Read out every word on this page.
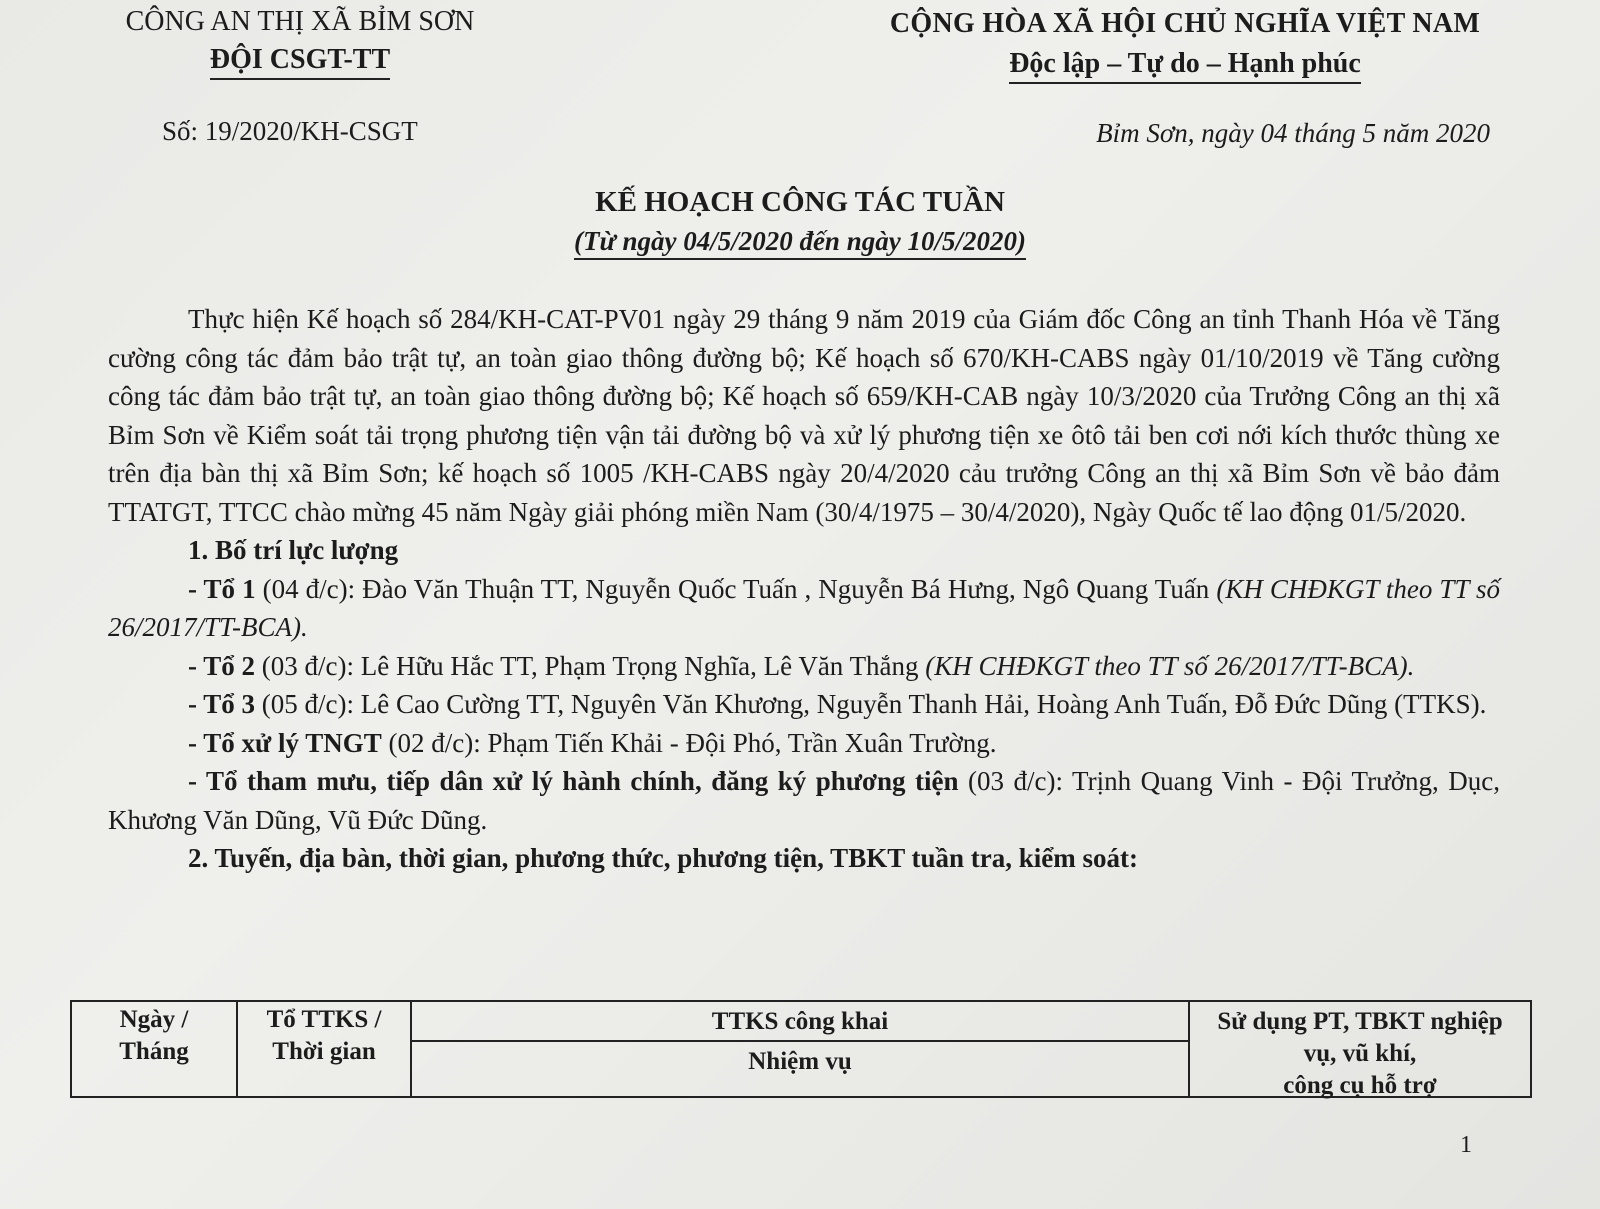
CÔNG AN THỊ XÃ BỈM SƠN
ĐỘI CSGT-TT
CỘNG HÒA XÃ HỘI CHỦ NGHĨA VIỆT NAM
Độc lập – Tự do – Hạnh phúc
Số: 19/2020/KH-CSGT	Bỉm Sơn, ngày 04 tháng 5 năm 2020
KẾ HOẠCH CÔNG TÁC TUẦN
(Từ ngày 04/5/2020 đến ngày 10/5/2020)

Thực hiện Kế hoạch số 284/KH-CAT-PV01 ngày 29 tháng 9 năm 2019 của Giám đốc Công an tỉnh Thanh Hóa về Tăng cường công tác đảm bảo trật tự, an toàn giao thông đường bộ; Kế hoạch số 670/KH-CABS ngày 01/10/2019 về Tăng cường công tác đảm bảo trật tự, an toàn giao thông đường bộ; Kế hoạch số 659/KH-CAB ngày 10/3/2020 của Trưởng Công an thị xã Bỉm Sơn về Kiểm soát tải trọng phương tiện vận tải đường bộ và xử lý phương tiện xe ôtô tải ben cơi nới kích thước thùng xe trên địa bàn thị xã Bỉm Sơn; kế hoạch số 1005 /KH-CABS ngày 20/4/2020 cảu trưởng Công an thị xã Bỉm Sơn về bảo đảm TTATGT, TTCC chào mừng 45 năm Ngày giải phóng miền Nam (30/4/1975 – 30/4/2020), Ngày Quốc tế lao động 01/5/2020.

1. Bố trí lực lượng

- Tổ 1 (04 đ/c): Đào Văn Thuận TT, Nguyễn Quốc Tuấn , Nguyễn Bá Hưng, Ngô Quang Tuấn (KH CHĐKGT theo TT số 26/2017/TT-BCA).

- Tổ 2 (03 đ/c): Lê Hữu Hắc TT, Phạm Trọng Nghĩa, Lê Văn Thắng (KH CHĐKGT theo TT số 26/2017/TT-BCA).

- Tổ 3 (05 đ/c): Lê Cao Cường TT, Nguyên Văn Khương, Nguyễn Thanh Hải, Hoàng Anh Tuấn, Đỗ Đức Dũng (TTKS).

- Tổ xử lý TNGT (02 đ/c): Phạm Tiến Khải - Đội Phó, Trần Xuân Trường.

- Tổ tham mưu, tiếp dân xử lý hành chính, đăng ký phương tiện (03 đ/c): Trịnh Quang Vinh - Đội Trưởng, Dục, Khương Văn Dũng, Vũ Đức Dũng.

2. Tuyến, địa bàn, thời gian, phương thức, phương tiện, TBKT tuần tra, kiểm soát:

Ngày /
Tháng
Tổ TTKS /
Thời gian
TTKS công khai
Nhiệm vụ
Sử dụng PT, TBKT nghiệp
vụ, vũ khí,
công cụ hỗ trợ
1
